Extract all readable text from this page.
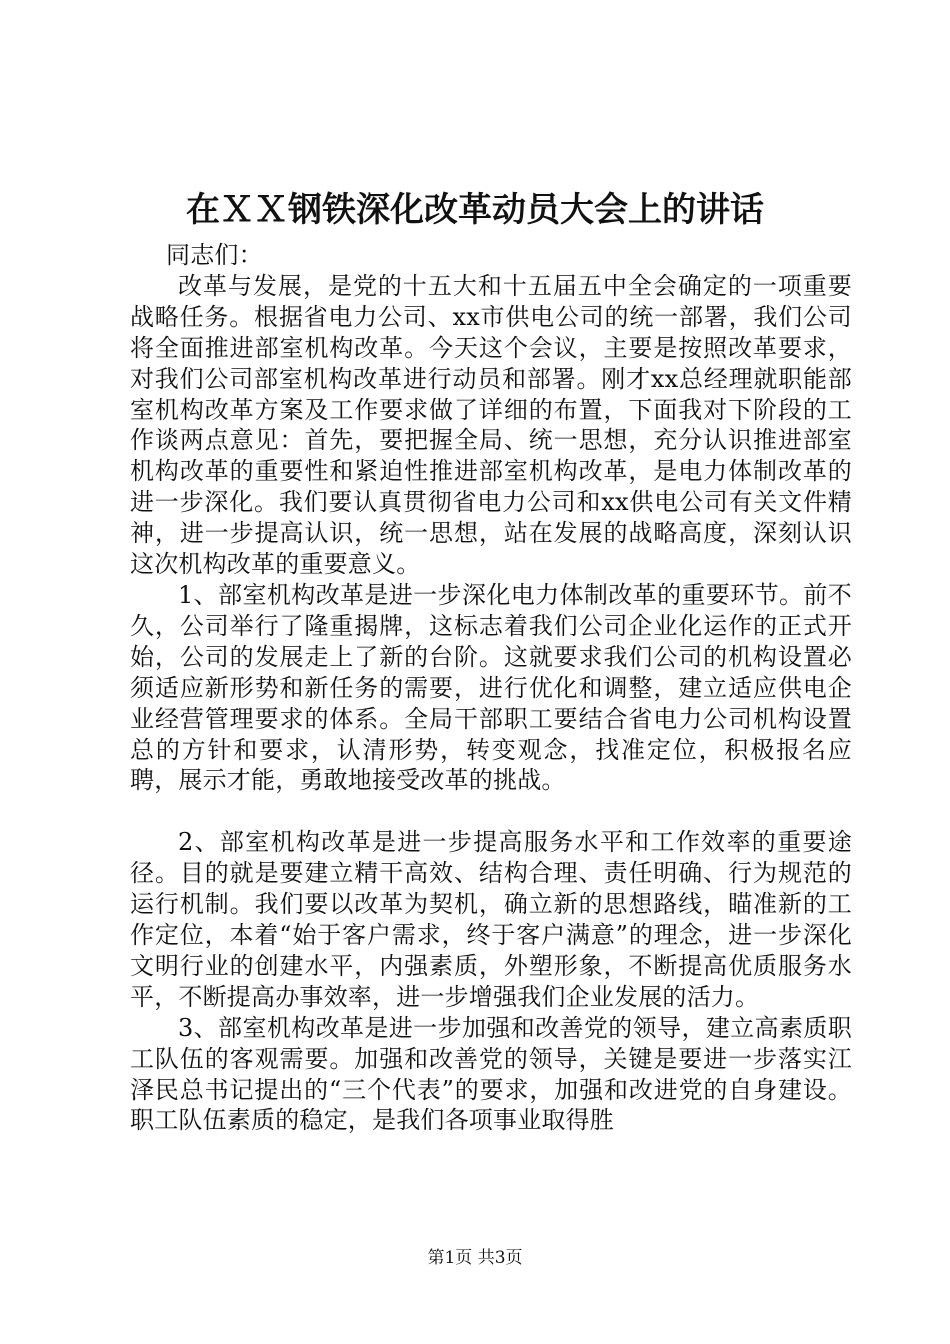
在ＸＸ钢铁深化改革动员大会上的讲话

同志们：

改革与发展，是党的十五大和十五届五中全会确定的一项重要战略任务。根据省电力公司、xx市供电公司的统一部署，我们公司将全面推进部室机构改革。今天这个会议，主要是按照改革要求，对我们公司部室机构改革进行动员和部署。刚才xx总经理就职能部室机构改革方案及工作要求做了详细的布置，下面我对下阶段的工作谈两点意见：首先，要把握全局、统一思想，充分认识推进部室机构改革的重要性和紧迫性推进部室机构改革，是电力体制改革的进一步深化。我们要认真贯彻省电力公司和xx供电公司有关文件精神，进一步提高认识，统一思想，站在发展的战略高度，深刻认识这次机构改革的重要意义。

1、部室机构改革是进一步深化电力体制改革的重要环节。前不久，公司举行了隆重揭牌，这标志着我们公司企业化运作的正式开始，公司的发展走上了新的台阶。这就要求我们公司的机构设置必须适应新形势和新任务的需要，进行优化和调整，建立适应供电企业经营管理要求的体系。全局干部职工要结合省电力公司机构设置总的方针和要求，认清形势，转变观念，找准定位，积极报名应聘，展示才能，勇敢地接受改革的挑战。

2、部室机构改革是进一步提高服务水平和工作效率的重要途径。目的就是要建立精干高效、结构合理、责任明确、行为规范的运行机制。我们要以改革为契机，确立新的思想路线，瞄准新的工作定位，本着“始于客户需求，终于客户满意”的理念，进一步深化文明行业的创建水平，内强素质，外塑形象，不断提高优质服务水平，不断提高办事效率，进一步增强我们企业发展的活力。

3、部室机构改革是进一步加强和改善党的领导，建立高素质职工队伍的客观需要。加强和改善党的领导，关键是要进一步落实江泽民总书记提出的“三个代表”的要求，加强和改进党的自身建设。职工队伍素质的稳定，是我们各项事业取得胜

第1页 共3页
